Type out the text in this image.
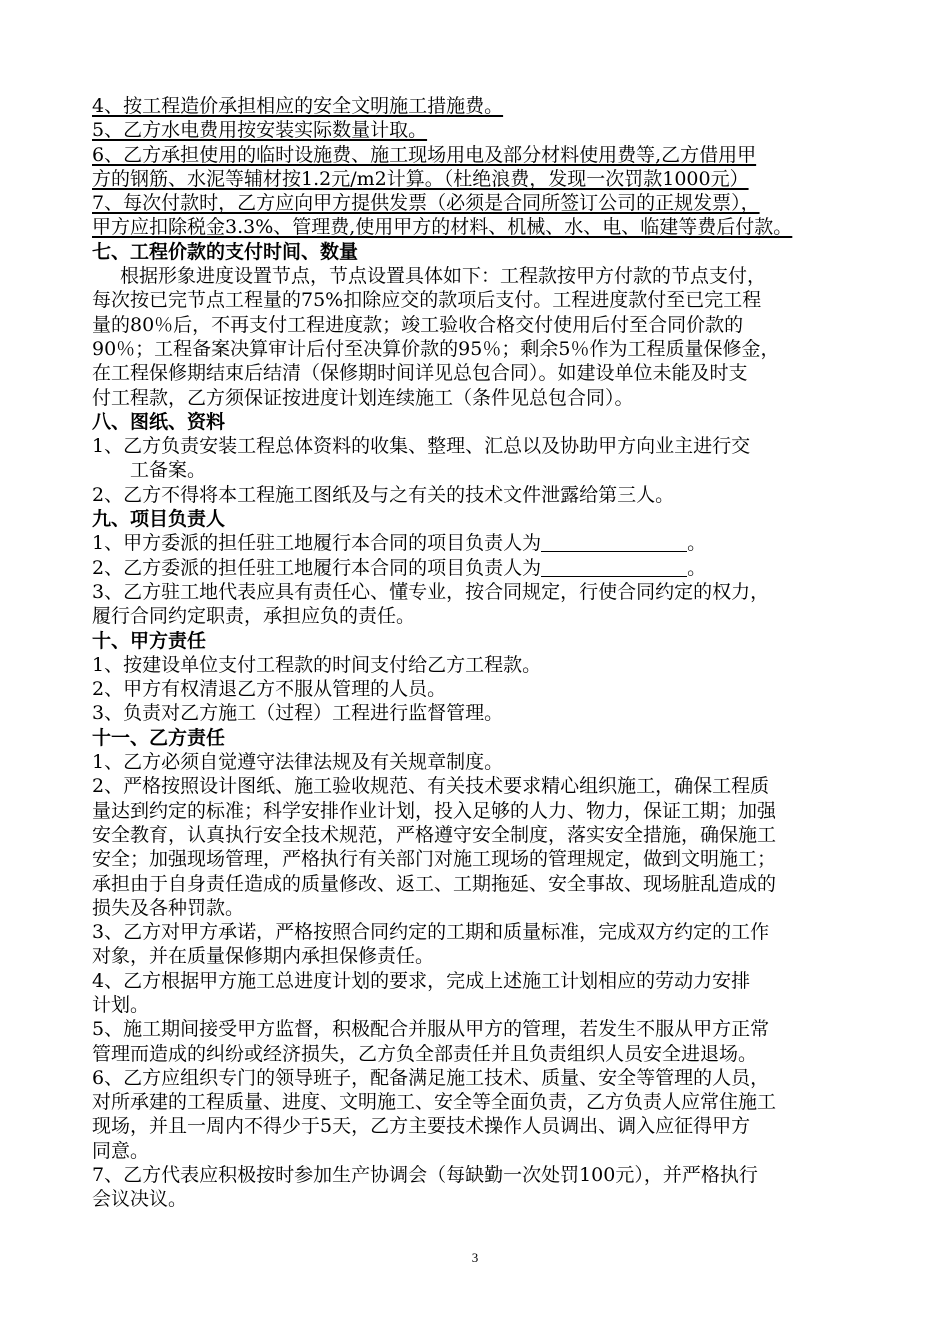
4、按工程造价承担相应的安全文明施工措施费。
5、乙方水电费用按安装实际数量计取。
6、乙方承担使用的临时设施费、施工现场用电及部分材料使用费等,乙方借用甲
方的钢筋、水泥等辅材按1.2元/m2计算。（杜绝浪费，发现一次罚款1000元）
7、每次付款时，乙方应向甲方提供发票（必须是合同所签订公司的正规发票），
甲方应扣除税金3.3%、管理费,使用甲方的材料、机械、水、电、临建等费后付款。
七、工程价款的支付时间、数量
根据形象进度设置节点，节点设置具体如下：工程款按甲方付款的节点支付，
每次按已完节点工程量的75%扣除应交的款项后支付。工程进度款付至已完工程
量的80％后，不再支付工程进度款；竣工验收合格交付使用后付至合同价款的
90％；工程备案决算审计后付至决算价款的95％；剩余5％作为工程质量保修金，
在工程保修期结束后结清（保修期时间详见总包合同）。如建设单位未能及时支
付工程款，乙方须保证按进度计划连续施工（条件见总包合同）。
八、图纸、资料
1、乙方负责安装工程总体资料的收集、整理、汇总以及协助甲方向业主进行交
工备案。
2、乙方不得将本工程施工图纸及与之有关的技术文件泄露给第三人。
九、项目负责人
1、甲方委派的担任驻工地履行本合同的项目负责人为	。
2、乙方委派的担任驻工地履行本合同的项目负责人为	。
3、乙方驻工地代表应具有责任心、懂专业，按合同规定，行使合同约定的权力，
履行合同约定职责，承担应负的责任。
十、甲方责任
1、按建设单位支付工程款的时间支付给乙方工程款。
2、甲方有权清退乙方不服从管理的人员。
3、负责对乙方施工（过程）工程进行监督管理。
十一、乙方责任
1、乙方必须自觉遵守法律法规及有关规章制度。
2、严格按照设计图纸、施工验收规范、有关技术要求精心组织施工，确保工程质
量达到约定的标准；科学安排作业计划，投入足够的人力、物力，保证工期；加强
安全教育，认真执行安全技术规范，严格遵守安全制度，落实安全措施，确保施工
安全；加强现场管理，严格执行有关部门对施工现场的管理规定，做到文明施工；
承担由于自身责任造成的质量修改、返工、工期拖延、安全事故、现场脏乱造成的
损失及各种罚款。
3、乙方对甲方承诺，严格按照合同约定的工期和质量标准，完成双方约定的工作
对象，并在质量保修期内承担保修责任。
4、乙方根据甲方施工总进度计划的要求，完成上述施工计划相应的劳动力安排
计划。
5、施工期间接受甲方监督，积极配合并服从甲方的管理，若发生不服从甲方正常
管理而造成的纠纷或经济损失，乙方负全部责任并且负责组织人员安全进退场。
6、乙方应组织专门的领导班子，配备满足施工技术、质量、安全等管理的人员，
对所承建的工程质量、进度、文明施工、安全等全面负责，乙方负责人应常住施工
现场，并且一周内不得少于5天，乙方主要技术操作人员调出、调入应征得甲方
同意。
7、乙方代表应积极按时参加生产协调会（每缺勤一次处罚100元），并严格执行
会议决议。
3
